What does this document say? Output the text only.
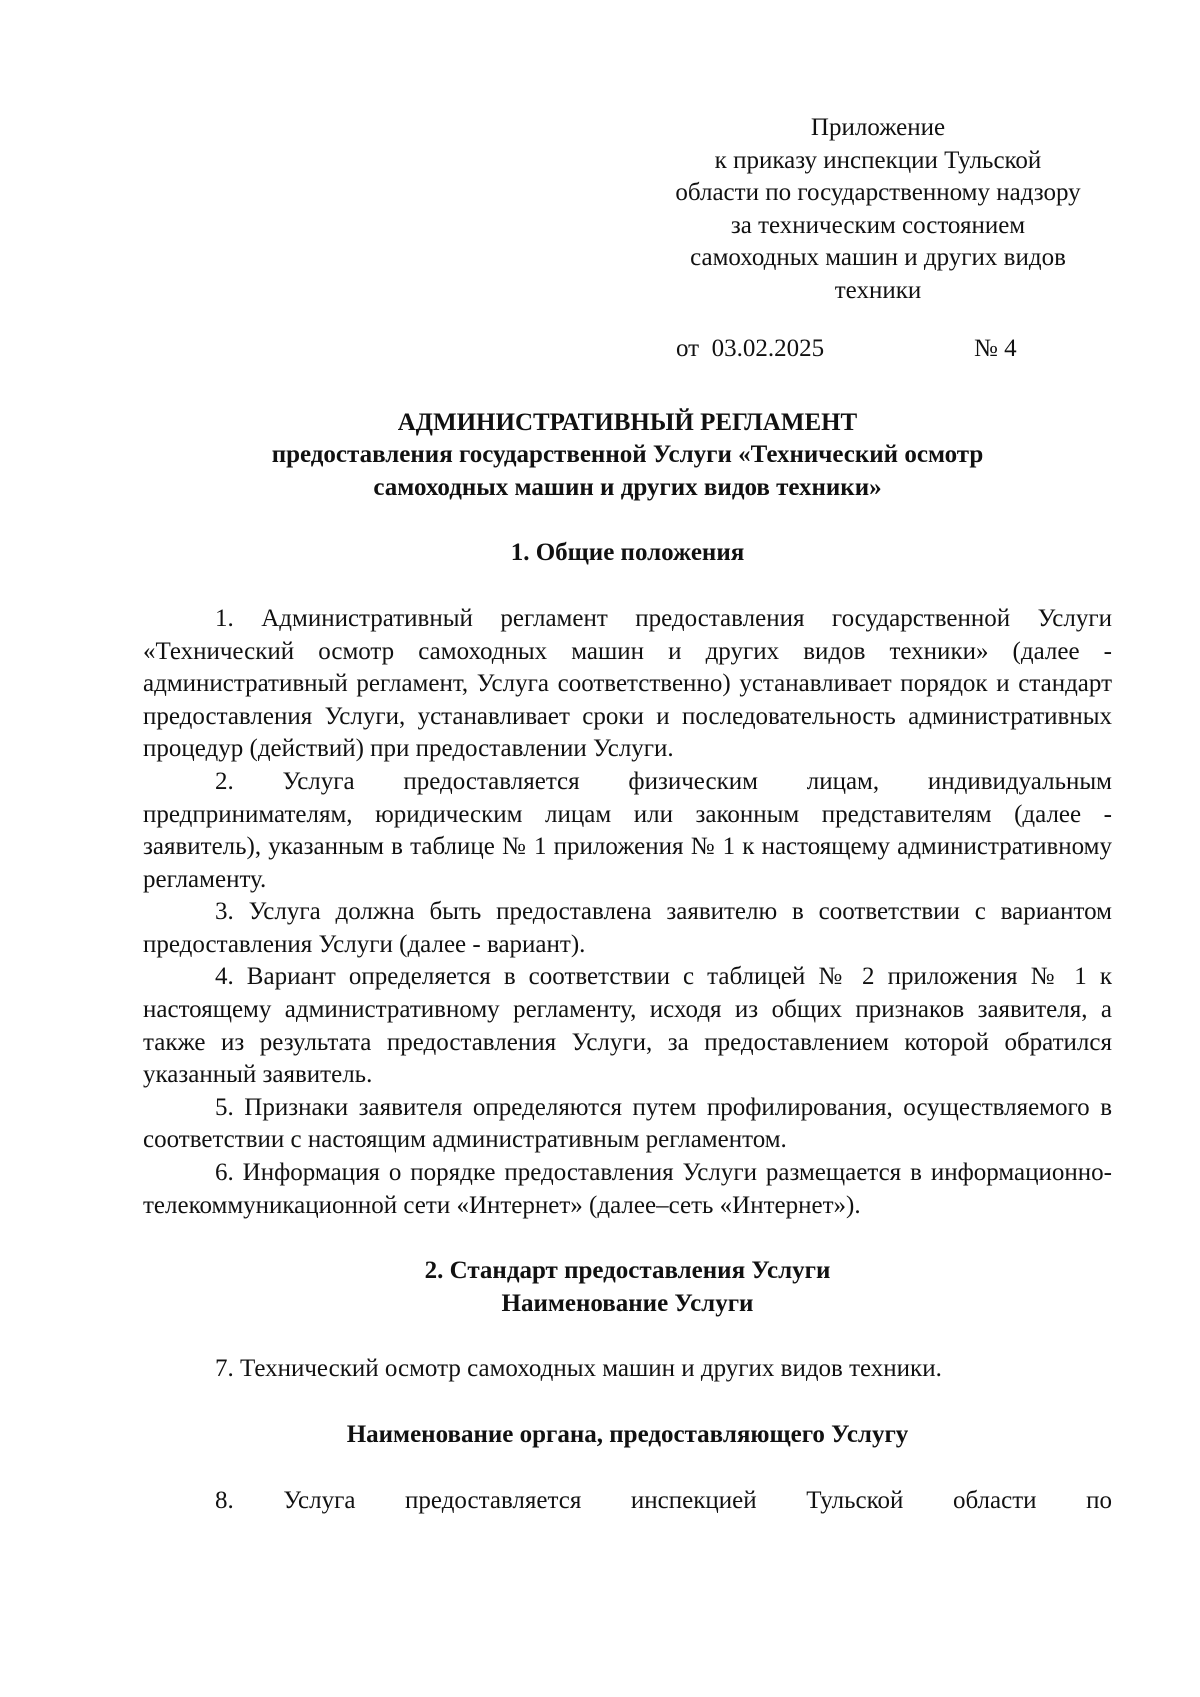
Приложение
к приказу инспекции Тульской
области по государственному надзору
за техническим состоянием
самоходных машин и других видов
техники
от  03.02.2025	№ 4
АДМИНИСТРАТИВНЫЙ РЕГЛАМЕНТ
предоставления государственной Услуги «Технический осмотр
самоходных машин и других видов техники»
1. Общие положения

1. Административный регламент предоставления государственной Услуги «Технический осмотр самоходных машин и других видов техники» (далее - административный регламент, Услуга соответственно) устанавливает порядок и стандарт предоставления Услуги, устанавливает сроки и последовательность административных процедур (действий) при предоставлении Услуги.

2. Услуга предоставляется физическим лицам, индивидуальным предпринимателям, юридическим лицам или законным представителям (далее - заявитель), указанным в таблице № 1 приложения № 1 к настоящему административному регламенту.

3. Услуга должна быть предоставлена заявителю в соответствии с вариантом предоставления Услуги (далее - вариант).

4. Вариант определяется в соответствии с таблицей № 2 приложения № 1 к настоящему административному регламенту, исходя из общих признаков заявителя, а также из результата предоставления Услуги, за предоставлением которой обратился указанный заявитель.

5. Признаки заявителя определяются путем профилирования, осуществляемого в соответствии с настоящим административным регламентом.

6. Информация о порядке предоставления Услуги размещается в информационно-телекоммуникационной сети «Интернет» (далее–сеть «Интернет»).

2. Стандарт предоставления Услуги
Наименование Услуги

7. Технический осмотр самоходных машин и других видов техники.

Наименование органа, предоставляющего Услугу

8. Услуга предоставляется инспекцией Тульской области по
